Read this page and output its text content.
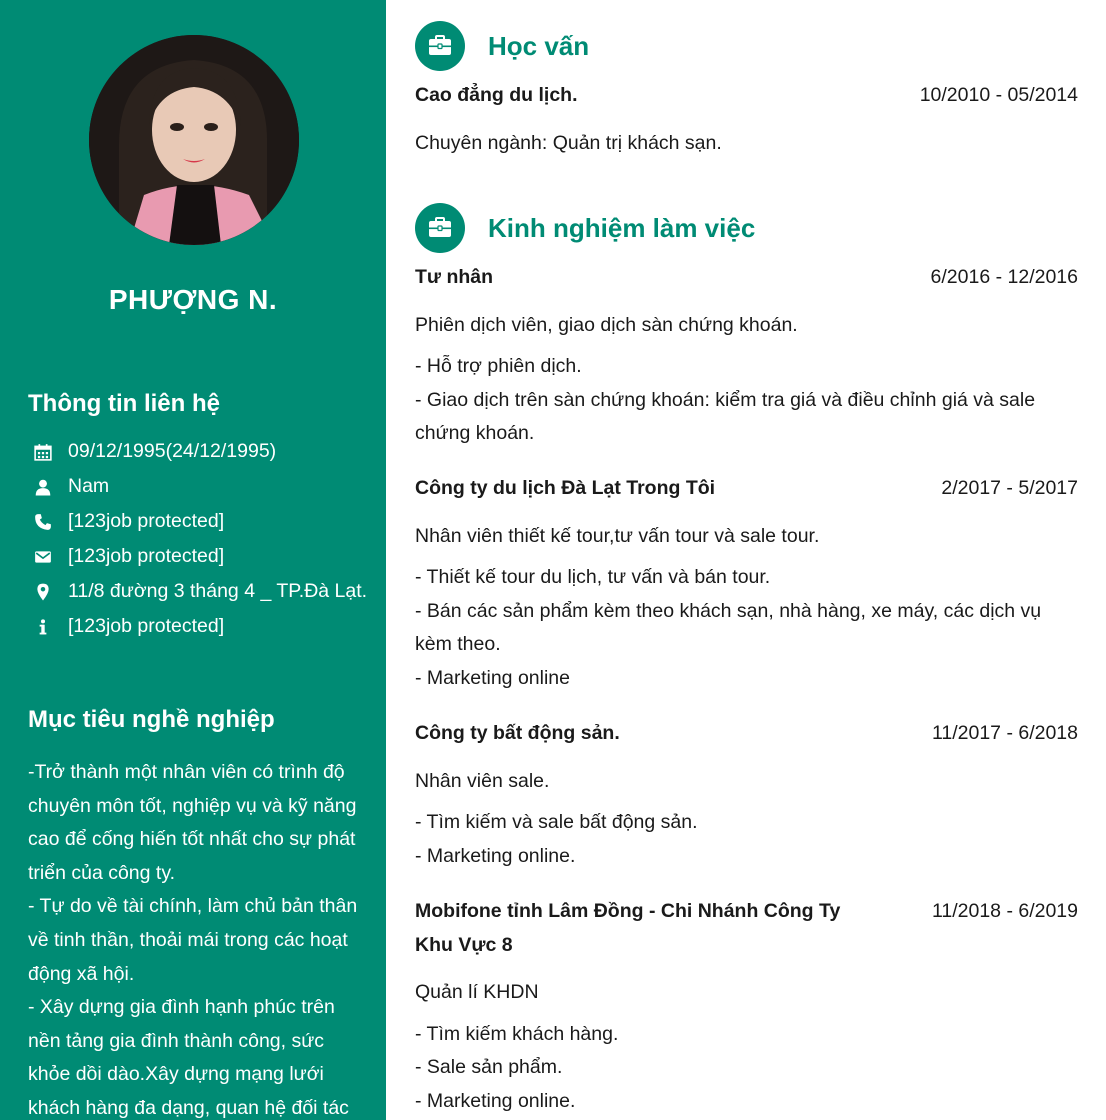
PHƯỢNG N.
Thông tin liên hệ
09/12/1995(24/12/1995)
Nam
[123job protected]
[123job protected]
11/8 đường 3 tháng 4 _ TP.Đà Lạt.
[123job protected]
Mục tiêu nghề nghiệp

-Trở thành một nhân viên có trình độ chuyên môn tốt, nghiệp vụ và kỹ năng cao để cống hiến tốt nhất cho sự phát triển của công ty.

- Tự do về tài chính, làm chủ bản thân về tinh thần, thoải mái trong các hoạt động xã hội.

- Xây dựng gia đình hạnh phúc trên nền tảng gia đình thành công, sức khỏe dồi dào.Xây dựng mạng lưới khách hàng đa dạng, quan hệ đối tác

Học vấn
Cao đẳng du lịch.	10/2010 - 05/2014
Chuyên ngành: Quản trị khách sạn.
Kinh nghiệm làm việc
Tư nhân	6/2016 - 12/2016
Phiên dịch viên, giao dịch sàn chứng khoán.

- Hỗ trợ phiên dịch.

- Giao dịch trên sàn chứng khoán: kiểm tra giá và điều chỉnh giá và sale chứng khoán.

Công ty du lịch Đà Lạt Trong Tôi	2/2017 - 5/2017
Nhân viên thiết kế tour,tư vấn tour và sale tour.

- Thiết kế tour du lịch, tư vấn và bán tour.

- Bán các sản phẩm kèm theo khách sạn, nhà hàng, xe máy, các dịch vụ kèm theo.

- Marketing online

Công ty bất động sản.	11/2017 - 6/2018
Nhân viên sale.

- Tìm kiếm và sale bất động sản.

- Marketing online.

Mobifone tỉnh Lâm Đồng - Chi Nhánh Công Ty Khu Vực 8
11/2018 - 6/2019
Quản lí KHDN

- Tìm kiếm khách hàng.

- Sale sản phẩm.

- Marketing online.
